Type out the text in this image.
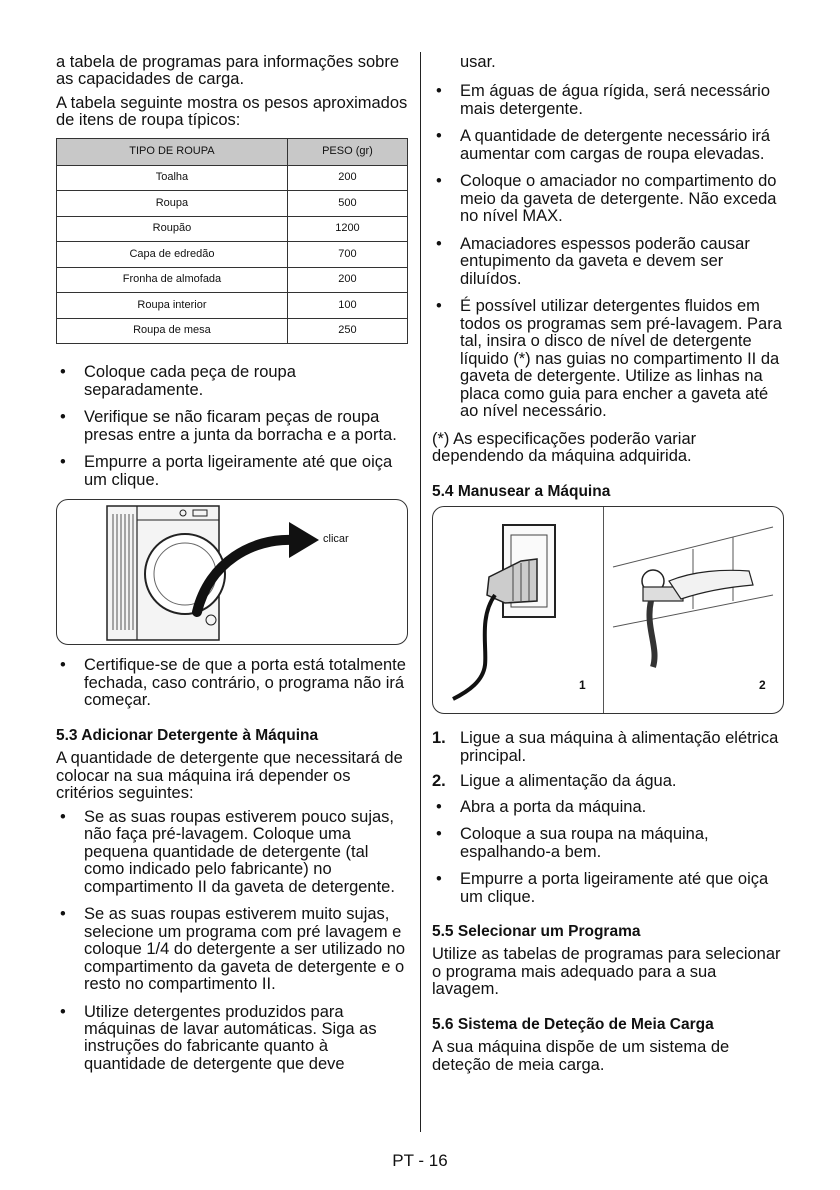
a tabela de programas para informações sobre as capacidades de carga.

A tabela seguinte mostra os pesos aproximados de itens de roupa típicos:

TIPO DE ROUPA	PESO (gr)
Toalha	200
Roupa	500
Roupão	1200
Capa de edredão	700
Fronha de almofada	200
Roupa interior	100
Roupa de mesa	250
• Coloque cada peça de roupa separadamente.
• Verifique se não ficaram peças de roupa presas entre a junta da borracha e a porta.
• Empurre a porta ligeiramente até que oiça um clique.
clicar
• Certifique-se de que a porta está totalmente fechada, caso contrário, o programa não irá começar.
5.3 Adicionar Detergente à Máquina

A quantidade de detergente que necessitará de colocar na sua máquina irá depender os critérios seguintes:

• Se as suas roupas estiverem pouco sujas, não faça pré-lavagem. Coloque uma pequena quantidade de detergente (tal como indicado pelo fabricante) no compartimento II da gaveta de detergente.
• Se as suas roupas estiverem muito sujas, selecione um programa com pré lavagem e coloque 1/4 do detergente a ser utilizado no compartimento da gaveta de detergente e o resto no compartimento II.
• Utilize detergentes produzidos para máquinas de lavar automáticas. Siga as instruções do fabricante quanto à quantidade de detergente que deve

usar.

• Em águas de água rígida, será necessário mais detergente.
• A quantidade de detergente necessário irá aumentar com cargas de roupa elevadas.
• Coloque o amaciador no compartimento do meio da gaveta de detergente. Não exceda no nível MAX.
• Amaciadores espessos poderão causar entupimento da gaveta e devem ser diluídos.
• É possível utilizar detergentes fluidos em todos os programas sem pré-lavagem. Para tal, insira o disco de nível de detergente líquido (*) nas guias no compartimento II da gaveta de detergente. Utilize as linhas na placa como guia para encher a gaveta até ao nível necessário.

(*) As especificações poderão variar dependendo da máquina adquirida.

5.4 Manusear a Máquina
1	2
1. Ligue a sua máquina à alimentação elétrica principal.
2. Ligue a alimentação da água.
• Abra a porta da máquina.
• Coloque a sua roupa na máquina, espalhando-a bem.
• Empurre a porta ligeiramente até que oiça um clique.
5.5 Selecionar um Programa

Utilize as tabelas de programas para selecionar o programa mais adequado para a sua lavagem.

5.6 Sistema de Deteção de Meia Carga

A sua máquina dispõe de um sistema de deteção de meia carga.

PT - 16
